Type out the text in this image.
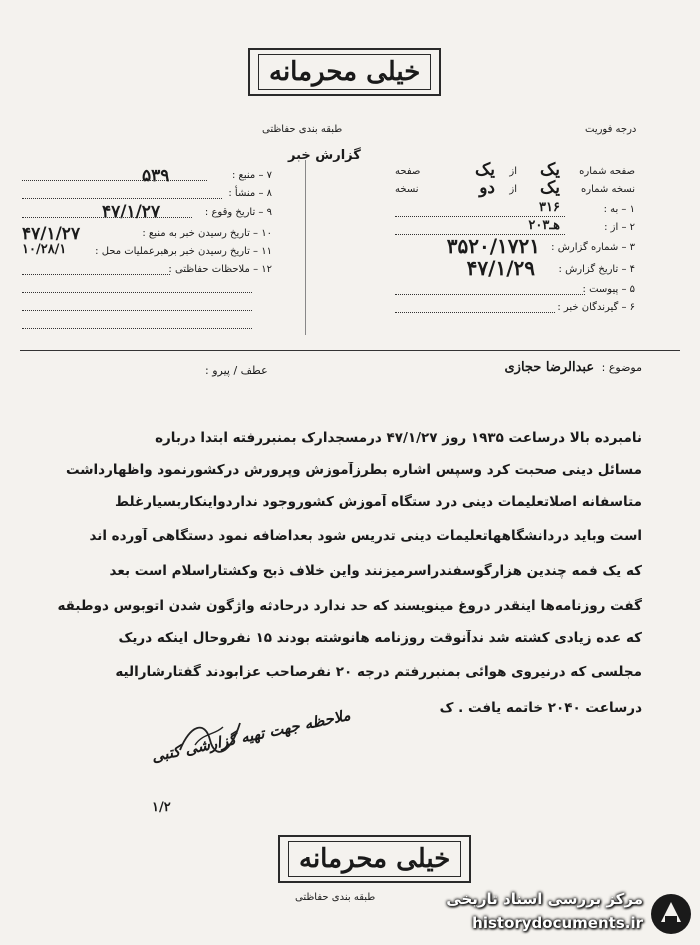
خیلی محرمانه
طبقه بندی حفاظتی	درجه فوریت
گزارش خبر
۷ – منبع :
۵۳۹
۸ – منشأ :
۹ – تاریخ وقوع :
۴۷/۱/۲۷
۱۰ – تاریخ رسیدن خبر به منبع :
۴۷/۱/۲۷
۱۱ – تاریخ رسیدن خبر برهبرعملیات محل :
۱۰/۲۸/۱
۱۲ – ملاحظات حفاظتی :
صفحه شماره
یک
از
یک
صفحه
نسخه شماره
یک
از
دو
نسخه
۱ – به :
۳۱۶
۲ – از :
۲۰هـ۳
۳ – شماره گزارش :
۳۵۲۰/۱۷۲۱
۴ – تاریخ گزارش :
۴۷/۱/۲۹
۵ – پیوست :
۶ – گیرندگان خبر :
موضوع : عبدالرضا حجازی
عطف / پیرو :
نامبرده بالا درساعت ۱۹۳۵ روز ۴۷/۱/۲۷ درمسجدارک بمنبررفته ابتدا درباره
مسائل دینی صحبت کرد وسپس اشاره بطرزآموزش وپرورش درکشورنمود واظهارداشت
متاسفانه اصلاتعلیمات دینی درد ستگاه آموزش کشوروجود نداردواینکاربسیارغلط
است وباید دردانشگاههاتعلیمات دینی تدریس شود بعداضافه نمود دستگاهی آورده اند
که یک فمه چندین هزارگوسفندراسرمیزنند واین خلاف ذبح وکشتاراسلام است بعد
گفت روزنامه‌ها اینقدر دروغ مینویسند که حد ندارد درحادثه واژگون شدن اتوبوس دوطبقه
که عده زیادی کشته شد ندآنوقت روزنامه هانوشته بودند ۱۵ نفروحال اینکه دریک
مجلسی که درنیروی هوائی بمنبررفتم درجه ۲۰ نفرصاحب عزابودند گفتارشارالیه
درساعت ۲۰۴۰ خاتمه یافت . ک
ملاحظه جهت تهیه گزارشی کتبی
۱/۲
خیلی محرمانه
طبقه بندی حفاظتی	مرکز بررسی اسناد تاریخی
historydocuments.ir
